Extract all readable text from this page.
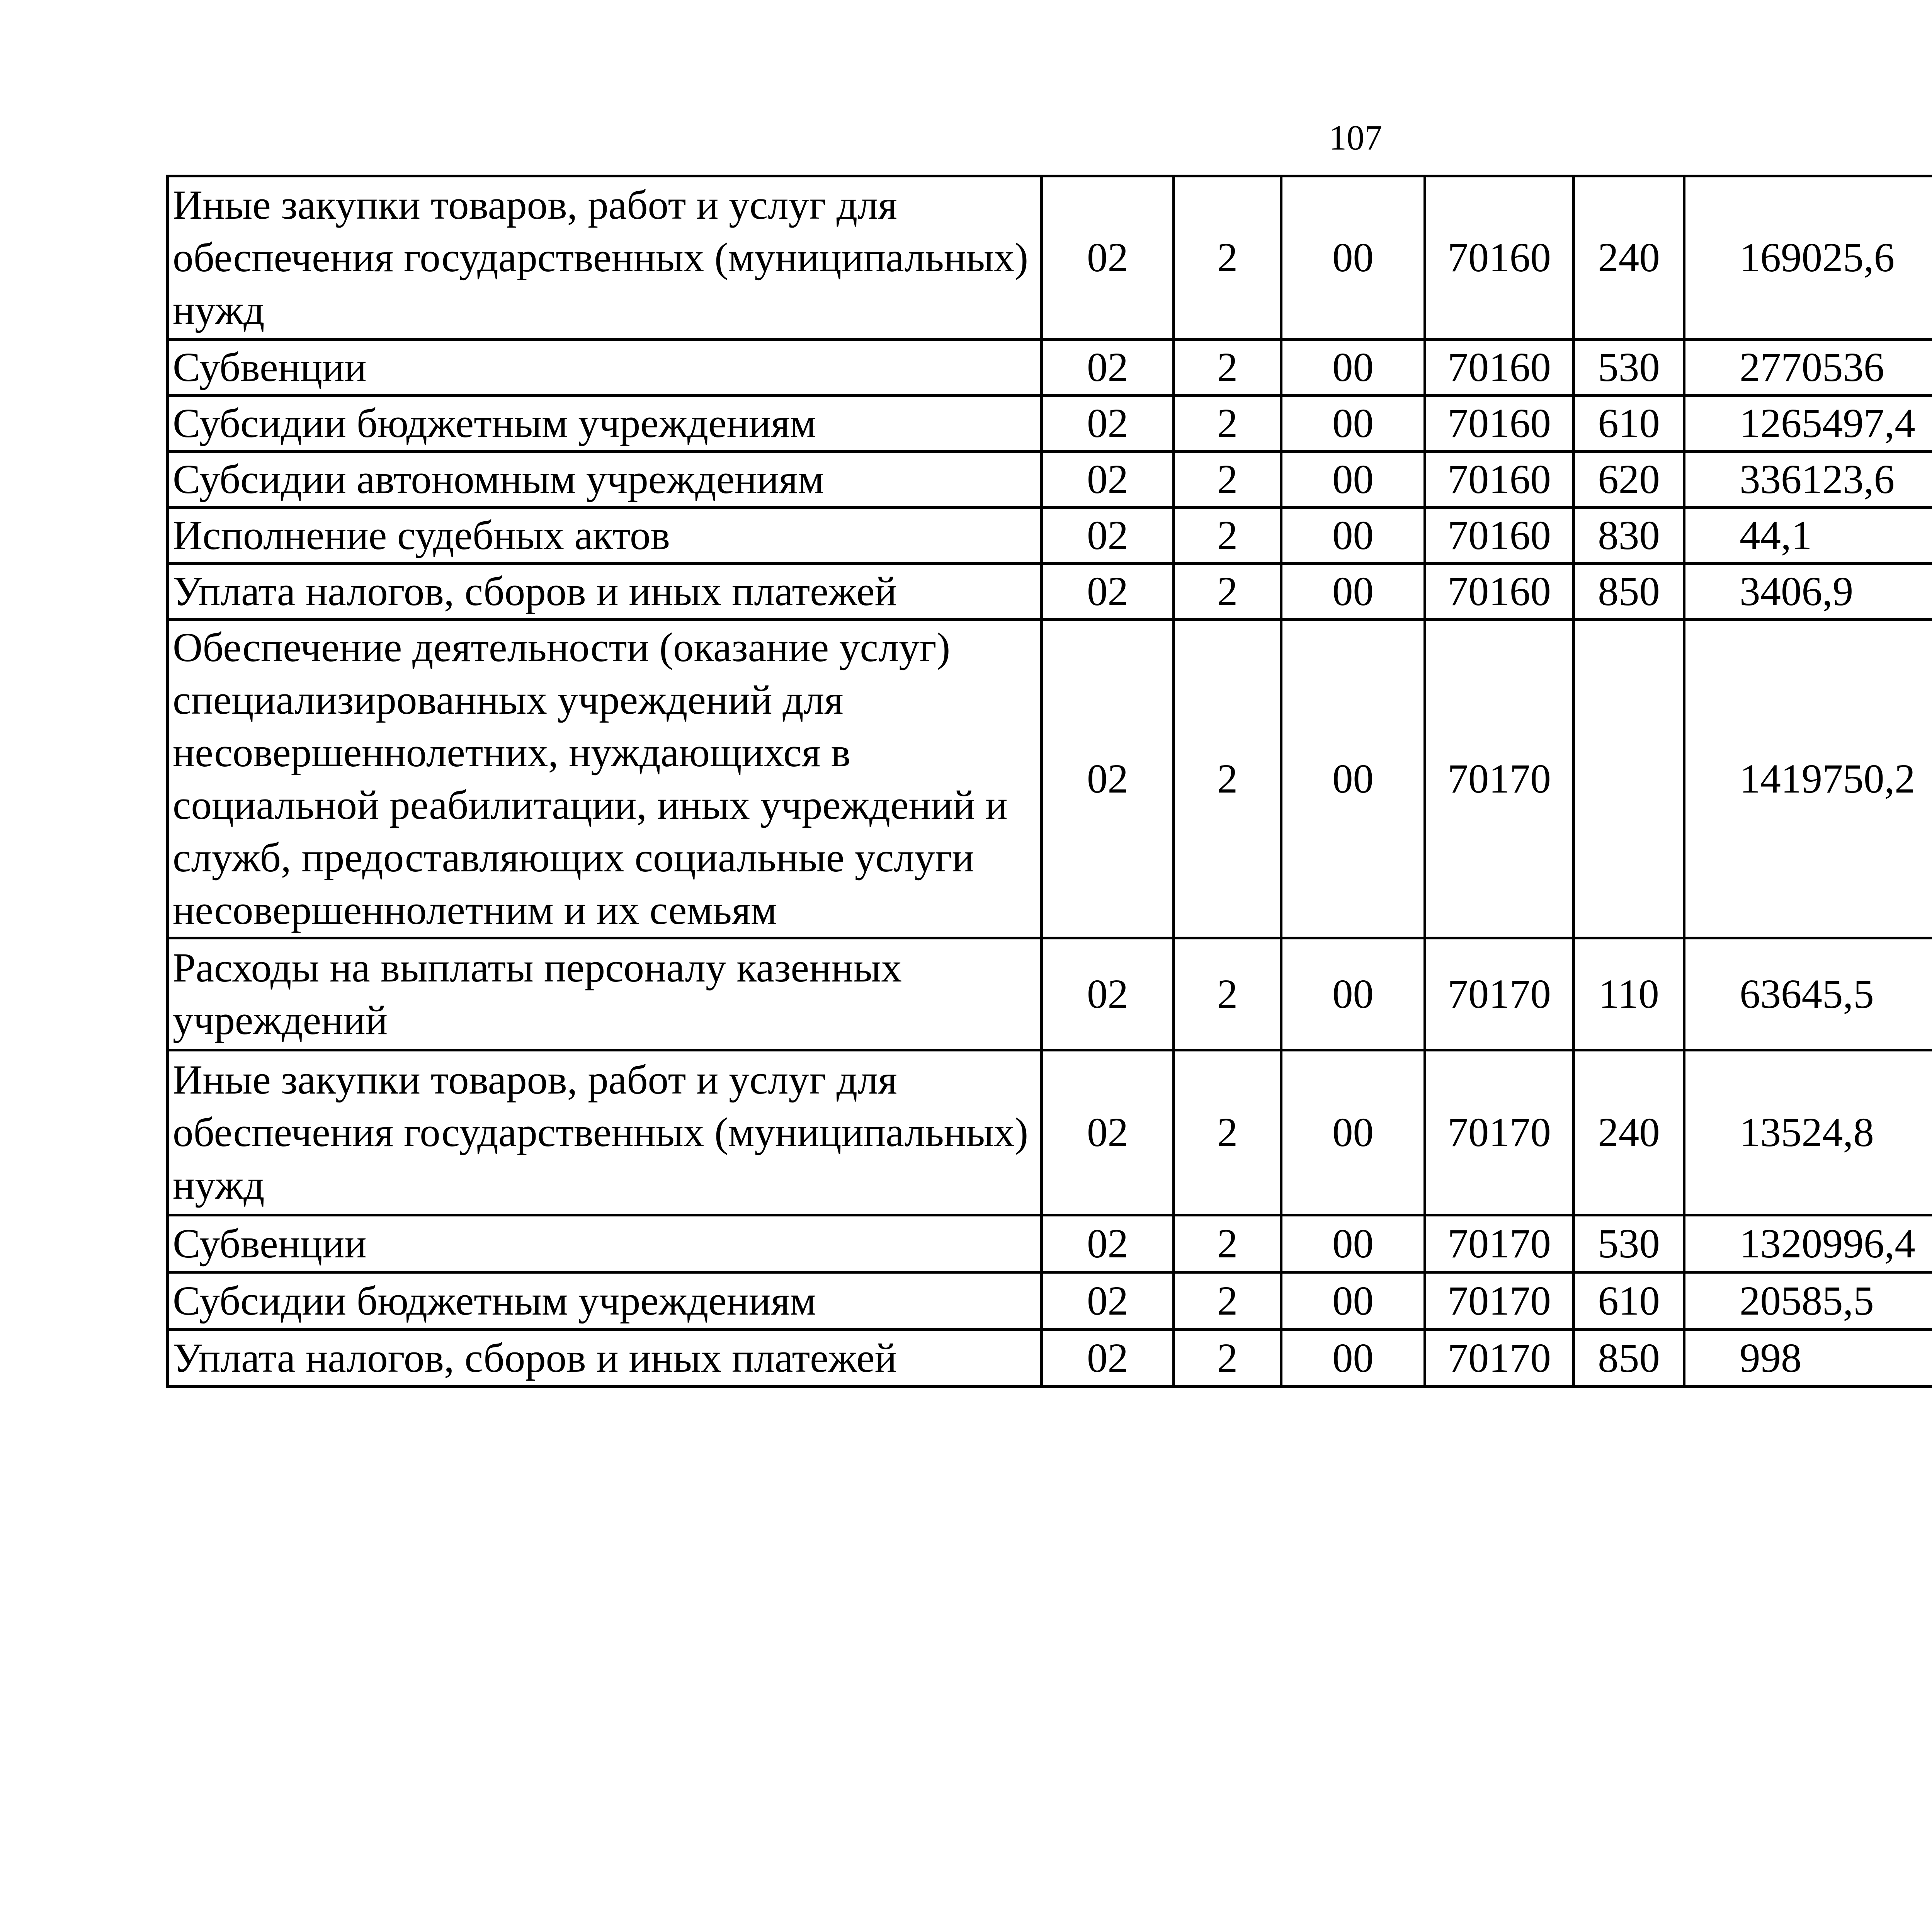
107
Иные закупки товаров, работ и услуг для обеспечения государственных (муниципальных) нужд	02	2	00	70160	240	169025,6		
Субвенции	02	2	00	70160	530	2770536		
Субсидии бюджетным учреждениям	02	2	00	70160	610	1265497,4		
Субсидии автономным учреждениям	02	2	00	70160	620	336123,6		
Исполнение судебных актов	02	2	00	70160	830	44,1		
Уплата налогов, сборов и иных платежей	02	2	00	70160	850	3406,9		
Обеспечение деятельности (оказание услуг) специализированных учреждений для несовершеннолетних, нуждающихся в социальной реабилитации, иных учреждений и служб, предоставляющих социальные услуги несовершеннолетним и их семьям	02	2	00	70170		1419750,2		
Расходы на выплаты персоналу казенных учреждений	02	2	00	70170	110	63645,5		
Иные закупки товаров, работ и услуг для обеспечения государственных (муниципальных) нужд	02	2	00	70170	240	13524,8		
Субвенции	02	2	00	70170	530	1320996,4		
Субсидии бюджетным учреждениям	02	2	00	70170	610	20585,5		
Уплата налогов, сборов и иных платежей	02	2	00	70170	850	998		
